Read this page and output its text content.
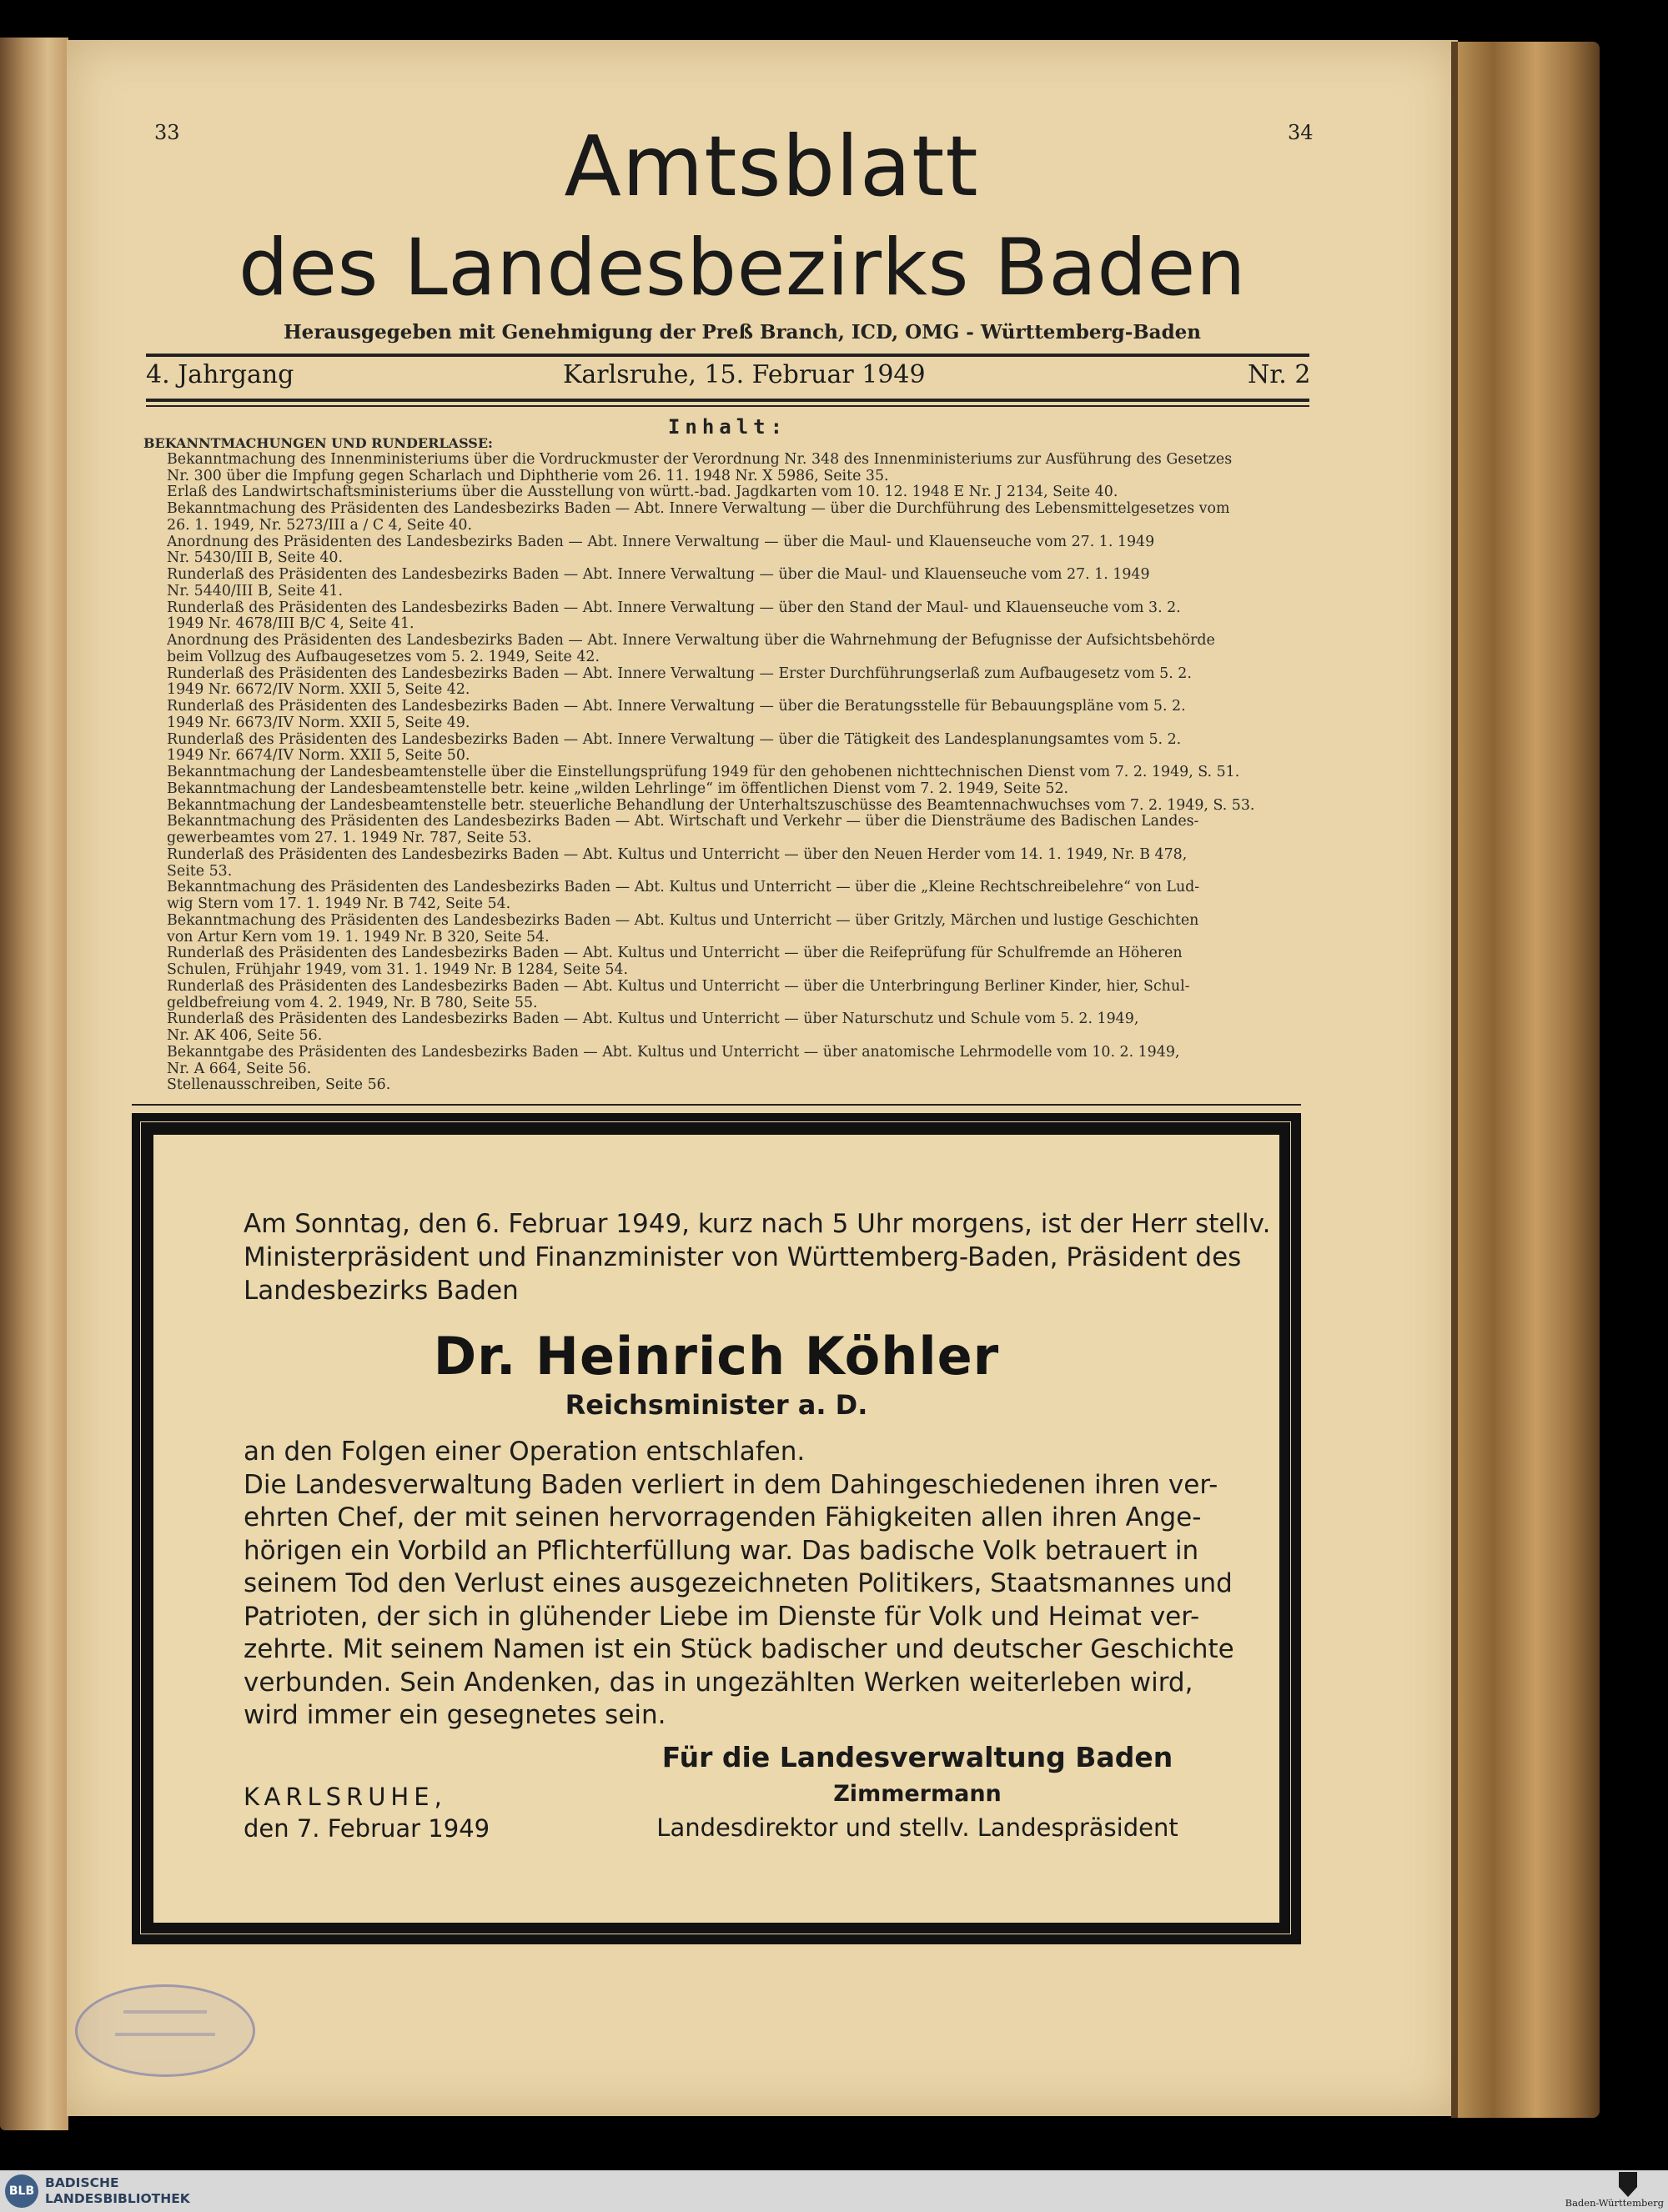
33	34
Amtsblatt
des Landesbezirks Baden
Herausgegeben mit Genehmigung der Preß Branch, ICD, OMG - Württemberg-Baden
4. Jahrgang	Karlsruhe, 15. Februar 1949	Nr. 2
Inhalt:
BEKANNTMACHUNGEN UND RUNDERLASSE:
Bekanntmachung des Innenministeriums über die Vordruckmuster der Verordnung Nr. 348 des Innenministeriums zur Ausführung des Gesetzes
Nr. 300 über die Impfung gegen Scharlach und Diphtherie vom 26. 11. 1948 Nr. X 5986, Seite 35.
Erlaß des Landwirtschaftsministeriums über die Ausstellung von württ.-bad. Jagdkarten vom 10. 12. 1948 E Nr. J 2134, Seite 40.
Bekanntmachung des Präsidenten des Landesbezirks Baden — Abt. Innere Verwaltung — über die Durchführung des Lebensmittelgesetzes vom
26. 1. 1949, Nr. 5273/III a / C 4, Seite 40.
Anordnung des Präsidenten des Landesbezirks Baden — Abt. Innere Verwaltung — über die Maul- und Klauenseuche vom 27. 1. 1949
Nr. 5430/III B, Seite 40.
Runderlaß des Präsidenten des Landesbezirks Baden — Abt. Innere Verwaltung — über die Maul- und Klauenseuche vom 27. 1. 1949
Nr. 5440/III B, Seite 41.
Runderlaß des Präsidenten des Landesbezirks Baden — Abt. Innere Verwaltung — über den Stand der Maul- und Klauenseuche vom 3. 2.
1949 Nr. 4678/III B/C 4, Seite 41.
Anordnung des Präsidenten des Landesbezirks Baden — Abt. Innere Verwaltung über die Wahrnehmung der Befugnisse der Aufsichtsbehörde
beim Vollzug des Aufbaugesetzes vom 5. 2. 1949, Seite 42.
Runderlaß des Präsidenten des Landesbezirks Baden — Abt. Innere Verwaltung — Erster Durchführungserlaß zum Aufbaugesetz vom 5. 2.
1949 Nr. 6672/IV Norm. XXII 5, Seite 42.
Runderlaß des Präsidenten des Landesbezirks Baden — Abt. Innere Verwaltung — über die Beratungsstelle für Bebauungspläne vom 5. 2.
1949 Nr. 6673/IV Norm. XXII 5, Seite 49.
Runderlaß des Präsidenten des Landesbezirks Baden — Abt. Innere Verwaltung — über die Tätigkeit des Landesplanungsamtes vom 5. 2.
1949 Nr. 6674/IV Norm. XXII 5, Seite 50.
Bekanntmachung der Landesbeamtenstelle über die Einstellungsprüfung 1949 für den gehobenen nichttechnischen Dienst vom 7. 2. 1949, S. 51.
Bekanntmachung der Landesbeamtenstelle betr. keine „wilden Lehrlinge“ im öffentlichen Dienst vom 7. 2. 1949, Seite 52.
Bekanntmachung der Landesbeamtenstelle betr. steuerliche Behandlung der Unterhaltszuschüsse des Beamtennachwuchses vom 7. 2. 1949, S. 53.
Bekanntmachung des Präsidenten des Landesbezirks Baden — Abt. Wirtschaft und Verkehr — über die Diensträume des Badischen Landes-
gewerbeamtes vom 27. 1. 1949 Nr. 787, Seite 53.
Runderlaß des Präsidenten des Landesbezirks Baden — Abt. Kultus und Unterricht — über den Neuen Herder vom 14. 1. 1949, Nr. B 478,
Seite 53.
Bekanntmachung des Präsidenten des Landesbezirks Baden — Abt. Kultus und Unterricht — über die „Kleine Rechtschreibelehre“ von Lud-
wig Stern vom 17. 1. 1949 Nr. B 742, Seite 54.
Bekanntmachung des Präsidenten des Landesbezirks Baden — Abt. Kultus und Unterricht — über Gritzly, Märchen und lustige Geschichten
von Artur Kern vom 19. 1. 1949 Nr. B 320, Seite 54.
Runderlaß des Präsidenten des Landesbezirks Baden — Abt. Kultus und Unterricht — über die Reifeprüfung für Schulfremde an Höheren
Schulen, Frühjahr 1949, vom 31. 1. 1949 Nr. B 1284, Seite 54.
Runderlaß des Präsidenten des Landesbezirks Baden — Abt. Kultus und Unterricht — über die Unterbringung Berliner Kinder, hier, Schul-
geldbefreiung vom 4. 2. 1949, Nr. B 780, Seite 55.
Runderlaß des Präsidenten des Landesbezirks Baden — Abt. Kultus und Unterricht — über Naturschutz und Schule vom 5. 2. 1949,
Nr. AK 406, Seite 56.
Bekanntgabe des Präsidenten des Landesbezirks Baden — Abt. Kultus und Unterricht — über anatomische Lehrmodelle vom 10. 2. 1949,
Nr. A 664, Seite 56.
Stellenausschreiben, Seite 56.
Am Sonntag, den 6. Februar 1949, kurz nach 5 Uhr morgens, ist der Herr stellv.
Ministerpräsident und Finanzminister von Württemberg-Baden, Präsident des
Landesbezirks Baden
Dr. Heinrich Köhler
Reichsminister a. D.
an den Folgen einer Operation entschlafen.
Die Landesverwaltung Baden verliert in dem Dahingeschiedenen ihren ver-
ehrten Chef, der mit seinen hervorragenden Fähigkeiten allen ihren Ange-
hörigen ein Vorbild an Pflichterfüllung war. Das badische Volk betrauert in
seinem Tod den Verlust eines ausgezeichneten Politikers, Staatsmannes und
Patrioten, der sich in glühender Liebe im Dienste für Volk und Heimat ver-
zehrte. Mit seinem Namen ist ein Stück badischer und deutscher Geschichte
verbunden. Sein Andenken, das in ungezählten Werken weiterleben wird,
wird immer ein gesegnetes sein.
Für die Landesverwaltung Baden
Zimmermann
Landesdirektor und stellv. Landespräsident
KARLSRUHE,
den 7. Februar 1949
BLB
BADISCHE
LANDESBIBLIOTHEK	Baden-Württemberg
